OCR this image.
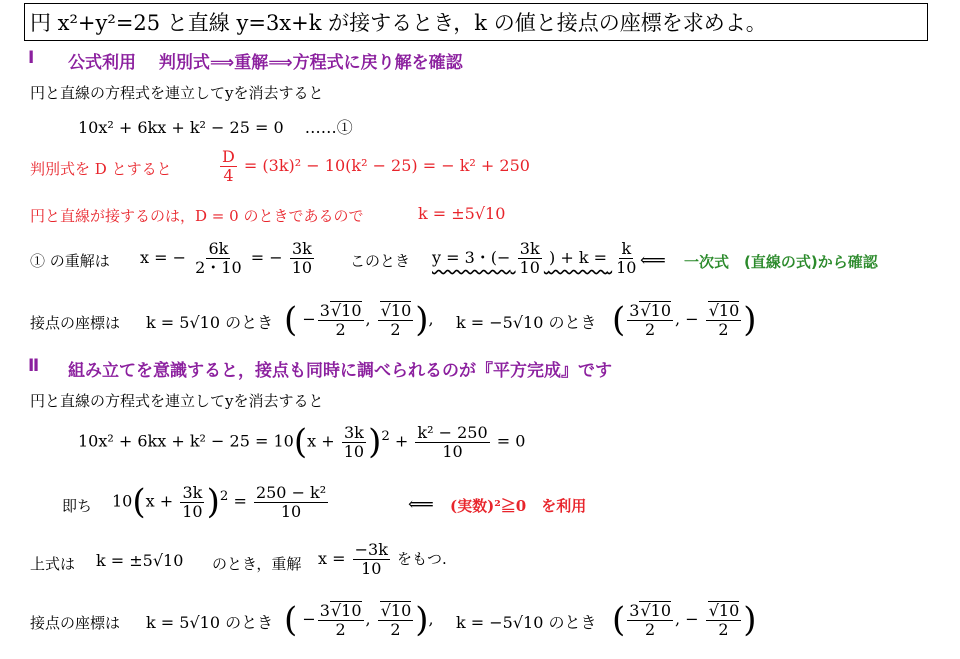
円 x²+y²=25 と直線 y=3x+k が接するとき，k の値と接点の座標を求めよ。
Ⅰ 公式利用　 判別式⟹重解⟹方程式に戻り解を確認
円と直線の方程式を連立してyを消去すると
10x² + 6kx + k² − 25 = 0　 ……①
判別式を D とすると	$\frac{D}{4} = (3k)^2 - 10(k^2 - 25)$ = − k² + 250
円と直線が接するのは，D = 0 のときであるので	k = ±5√10
① の重解は x = − $\frac{6k}{2・10}$ = − $\frac{3k}{10}$ このとき y = 3・(− $\frac{3k}{10}$ ) + $k = \frac{k}{10}$ ⟸ 一次式　(直線の式)から確認
接点の座標は k = 5√10 のとき ( − $\frac{3√10}{2}$ , $\frac{√10}{2}$ ), k = −5√10 のとき ( $\frac{3√10}{2}$ , − $\frac{√10}{2}$ )
Ⅱ 組み立てを意識すると，接点も同時に調べられるのが『平方完成』です
円と直線の方程式を連立してyを消去すると
$10x^2 + 6kx + k^2 - 25 = 10(x + \frac{3k}{10} )^2 + \frac{\text{k² − 250}}{10} = 0$
即ち $10(x + \frac{3k}{10} )^2 = \frac{\text{250 − k²}}{10}$	⟸ (実数)²≧0　を利用
上式は k = ±5√10 のとき，重解 $x = \frac{-3k}{10}$ をもつ.
接点の座標は k = 5√10 のとき ( − $\frac{3√10}{2}$ , $\frac{√10}{2}$ ), k = −5√10 のとき ( $\frac{3√10}{2}$ , − $\frac{√10}{2}$ )
